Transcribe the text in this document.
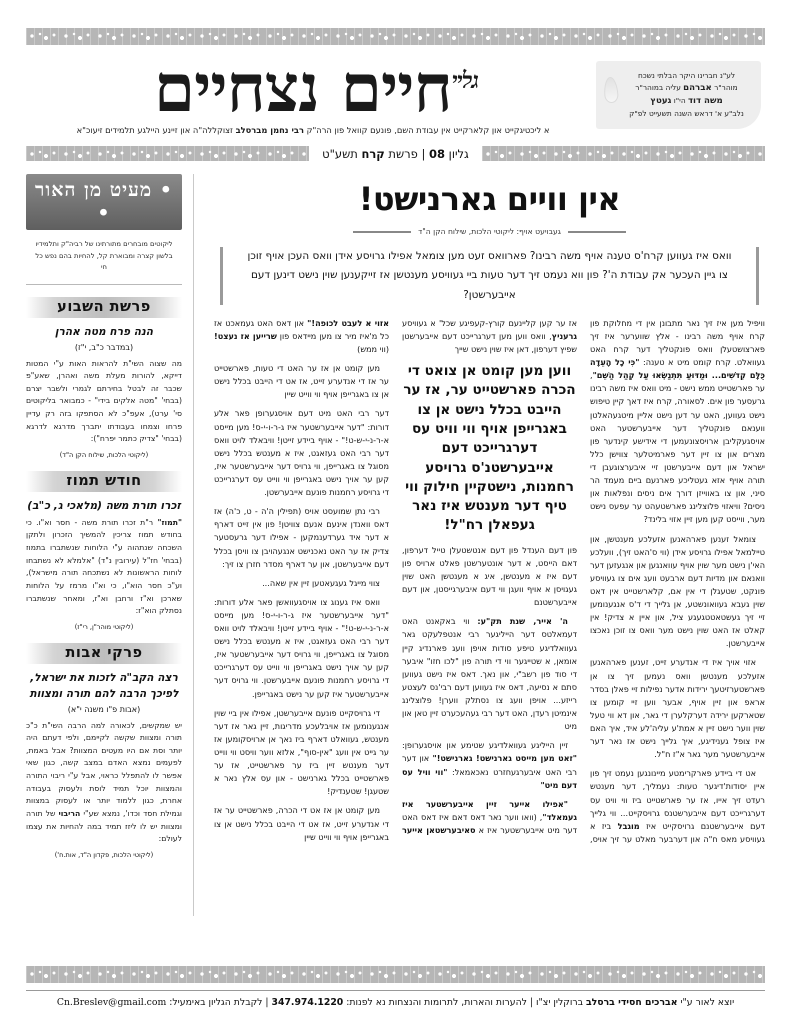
לע"נ חברינו היקר הבלתי נשכח
מוהר"ר אברהם עליה במוהר"ר
משה דוד הי"ו געטץ
נלב"ע א' דראש השנה תשעייט לפ"ק
$^{גליי}$חיים נצחיים
א ליכטיגקייט און קלארקייט אין עבודת השם, פונעם קוואל פון הרה"ק רבי נחמן מברסלב זצוקללה"ה און זיינע היילגע תלמידים זיעוכ"א
גליון 08 | פרשת קרח תשע"ט
אין וויים גארנישט!
געבויעט אויף: ליקוטי הלכות, שילוח הקן ה"ד
וואס איז געווען קרח'ס טענה אויף משה רבינו? פארוואס זעט מען צומאל אפילו גרויסע אידן וואס העכן אויף זוכן צו גיין העכער אק עבודת ה'? פון ווא נעמט זיך דער טעות ביי געוויסע מענטשן אז זייקענען שוין נישט דינען דעם אייבערשטן?

וויפיל מען איז זיך נאר מתבונן אין די מחלוקת פון קרח אויף משה רבינו - אלץ שווערער איז זיך פארצושטעלן וואס פונקטליך דער קרח האט געוואלט. קרח קומט מיט א טענה: "כִּי כָל הָעֵדָה כֻּלָּם קְדֹשִׁים... וּמַדּוּעַ תִּתְנַשְּׂאוּ עַל קְהַל הַשֵּׁם", ער פארשטייט ממש נישט - מיט וואס איז משה רבינו גרעסער פון אים. לסאורה, קרח איז דאך קיין טיפוש נישט געווען, האט ער דען נישט אליין מיטגעהאלטן ווענאם פונקטליך דער אייבערשטער האט אויסגעקליבן ארויסצונעמען די אידישע קינדער פון מצרים און צו זיין דער פארמיטלער צווישן כלל ישראל און דעם אייבערשטן זיי איבערצוגעבן די תורה אויף אזא געטליכע פארנעם ביים מעמד הר סיני, און צו באווייזן דורך אים ניסים ונפלאות און ניסים? וויאזוי פלוצלינג פארשטעהט ער עפעס נישט מער, ווייסט קען מען זיין אזוי בלינד?

צומאל זענען פארהאנען אזעלכע מענטשן, און טיילמאל אפילו גרויסע אידן (ווי ס'האט זיך), וועלכע האי'ן נישט מער שוין אויף עוואנגען און אנגעזען דער וואנאם און מדיות דעם ארבעט וועג אים צו געוויסע פונקט, שטעגלן די אין אם, קלארשטייט אין דאט שוין געבא געוואונשטע, אן גלייך די ד'ס אנגענומען זיי זיך געשטאטטגעגע ציל, און איין א צדיק! אין קאלט אז האט שוין נישט מער וואס צו זוכן נאכצו אייבערשטן.

אזוי אויך איז די אנדערע זייט, זענען פארהאנען אזעלכע מענטשן וואס נעמען זיך צו אן פארשטערזיטעך ירידות אדער נפילות זיי פאלן בסדר אראפ און זיין אויף, אבער ווען זיי קומען צו שטארקען ירידה דערקלערן די גאר, און דא ווי טעל שוין ווער נישט זיין א אמת'ע עליה'לע איד, איך האם איז צופל גענידיגע, איך גלייך נישט אז נאר דער אייבערשטער מער גאר א"ז ח"ל.

אט די ביידע פארקרימטע מיינונגען נעמט זיך פון איין יסודות'דיגער טעות: נעמליך, דער מענטש רעדט זיך אייו, אז ער פארשטייט ביז ווי וויט עס דערגרייכט דעם אייבערשטנס גרויסקייט... ווי גלייך דעם אייבערשטנם גרויסקייט איז מוגבל ביז א געוויסע מאס ח"ה און דערבער מאלט ער זיך אויס, אז ער קען קליינעם קורץ-קעפיגע שכל' א געוויסע גרעניץ, וואס ווען מען דערגרייכט דעם אייבערשטן שפיץ דערפון, דאן איז שוין נישט שייך

ווען מען קומט אן צואט די הכרה פארשטייט ער, אז ער הייבט בכלל נישט אן צו באגרייפן אויף ווי וויט עס דערגרייכט דעם אייבערשטנ'ס גרויסע רחמנות, נישטקיין חילוק ווי טיף דער מענטש איז נאר געפאלן רח"ל!

פון דעם הענדל פון דעם אנטשטעלן טייל דערפון, דאם הייסט, א דער אונטערשטן פאלט ארויס פון דעם איז א מענטשן, איג א מענטשן האט שוין געגויסן א אויף וועגן ווי דעם איבערגייסטן, און דעם אייבערשטנם

ה' אייר, שנת תק"ע: ווי באקאנט האט דעמאלטס דער הייליגער רבי אנטפלעקט גאר געוואלדיגע טיפע סודות אויפן וועג פארנדיג קיין אומאן, א שטייגער ווי די תורה פון "לכו חזו" איבער די סוד פון רשב"י, און נאך. דאס איז נישט געווען סתם א נסיעה, דאס איז געווען דעם רבי'נס לעצטע רייזע... אויפן וועג צו נסתלק ווערן! פלוצלינג אינמיטן רעדן, האט דער רבי געהעכערט זיין טאן און מיט

זיין הייליגע געוואלדיגע שטימע און אויסגערופן: "זאט מען מייסט גארנישט! גארנישט!" און דער רבי האט איבערגעחזרט נאכאמאל: "ווי וויל עס דעם מיט"

"אפילו אייער זיין אייבערשטער איז געמאלד", (וואו ווער נאר דאס דאם איז דאס האט דער מיט אייבערשטער איז א סאיבערשטאן אייער אזוי א לעבט לכופה!" און דאס האט געמאכט אז כל מ'איז מיר צו מען מיידאס פון שרייען אז נעצט! (ווי ממש)

מען קומט אן אז ער האט די טעות, פארשטייט ער אז די אנדערע זייט, אז אט די הייבט בכלל נישט אן צו באגרייפן אויף ווי ווייט שיין

דער רבי האט מיט דעם אויסגערופן פאר אלע דורות: "דער אייבערשטער איז ג-ר-ו-י-ס! מען מייסט א-ר-נ-י-ש-ט!" - אויף ביידע זייטן! וויבאלד לויט וואס דער רבי האט געזאגט, איז א מענטש בכלל נישט מסוגל צו באגרייפן, ווי גרויס דער אייבערשטער איז, קען ער אויך נישט באגרייפן ווי ווייט עס דערגרייכט די גרויסע רחמנות פונעם אייבערשטן.

רבי נתן שמועסט אויס (תפילין ה'ה - ט, כ'ה) אז דאס וואנדן אינעם אנעם צוויטן! פון אין זייט דארף א דער איד גערדענמקען - אפילו דער גרעסטער צדיק אז ער האט נאכנישט אנגעהויבן צו וויסן בכלל דעם אייבערשטן, און ער דארף מסדר חזרן צו זיך:

צווי מייגל געגעאטען זיין אין שאה...

וואס איז גענוג צו אויסגעוואשן פאר אלע דורות: "דער אייבערשטער איז ג-ר-ו-י-ס! מען מייסט א-ר-נ-י-ש-ט!" - אויף ביידע זייטן! וויבאלד לויט וואס דער רבי האט געזאגט, איז א מענטש בכלל נישט מסוגל צו באגרייפן, ווי גרויס דער אייבערשטער איז, קען ער אויך נישט באגרייפן ווי ווייט עס דערגרייכט די גרויסע רחמנות פונעם אייבערשטן. ווי גרויס דער אייבערשטער איז קען ער נישט באגרייפן.

די גרויסקייט פונעם אייבערשטן, אפילו אין ביי שוין אנגענומען אז אויבלעכע מדריגות, זיין גאר אז דער מענטש, געוואלט דארף ביז נאך אן ארויסקומען אז ער גייט אין וועג "אין-סוף", אלזא ווער וויסט ווי ווייט דער מענטש זיין ביז ער פארשטייט, אז ער פארשטייט בכלל גארנישט - און עס אלץ נאר א שטעגן! שטענדיק!

מען קומט אן אז אט די הכרה, פארשטייט ער אז די אנדערע זייט, אז אט די הייבט בכלל נישט אן צו באגרייפן אויף ווי ווייט שיין

• מעיט מן האור •
ליקוטים מובחרים מתורתינו של רביה"ק ותלמידיו בלשון קצרה ומבוארת קל, להחיות בהם נפש כל חי
פרשת השבוע
הנה פרח מטה אהרן
(במדבר כ"ב, י"ז)
מה שצוה השי"ת להראות האות ע"י המטות דייקא, להורות מעלת משה ואהרן, שאע"פ שכבר זה לבטל בחירתם לגמרי ולשבר יצרם (בבחי' "מטה אלקים בידי" - כמבואר בליקוטים סי' ערט), אעפ"כ לא הסתפקו בזה רק עדיין פרחו וצמחו בעבודתו יתברך מדרגא לדרגא (בבחי' "צדיק כתמר יפרח"):
(ליקוטי הלכות, שילוח הקן ה"ד)
חודש תמוז
זכרו תורת משה (מלאכי ג, כ"ב)
"תמוז" ר"ת זכרו תורת משה - חסר וא"ו. כי בחודש תמוז צריכין להמשיך הזכרון ולתקן השכחה שנתהוה ע"י הלוחות שנשתברו בתמוז (בבחי' חז"ל (עירובין נ"ד) "אלמלא לא נשתבחו לוחות הראשונות לא נשתכחה תורה מישראל), וע"כ חסר הוא"ו, כי וא"ו מרמז על הלוחות שארכן וא"ז ורחבן וא"ז, ומאחר שנשתברו נסתלק הוא"ז:
(ליקוטי מוהר"ן, רי"ז)
פרקי אבות
רצה הקב"ה לזכות את ישראל, לפיכך הרבה להם תורה ומצוות
(אבות פ"ו משנה י"א)
יש שמקשים, לכאורה למה הרבה השי"ת כ"כ תורה ומצוות שקשה לקיימם, ולפי דעתם היה יותר וסת אם היו מעטים המצוות? אבל באמת, לפעמים נמצא האדם במצב קשה, כגון שאי אפשר לו להתפלל כראוי, אבל ע"י ריבוי התורה והמצוות יוכל תמיד לוסת ולעסוק בעבודה אחרת, כגון ללמוד יותר או לעסוק במצוות וגמילת חסד וכדו', נמצא שע"י הריבוי של תורה ומצוות יש לו ליזז תמיד במה להחיות את עצמו לעולם:
(ליקוטי הלכות, פקדון ה"ד, אות.ח')
יוצא לאור ע"י אברכים חסידי ברסלב ברוקלין יצ"ו | להערות והארות, לתרומות והנצחות נא לפנות: 347.974.1220 | לקבלת הגליון באימעיל: Cn.Breslev@gmail.com
